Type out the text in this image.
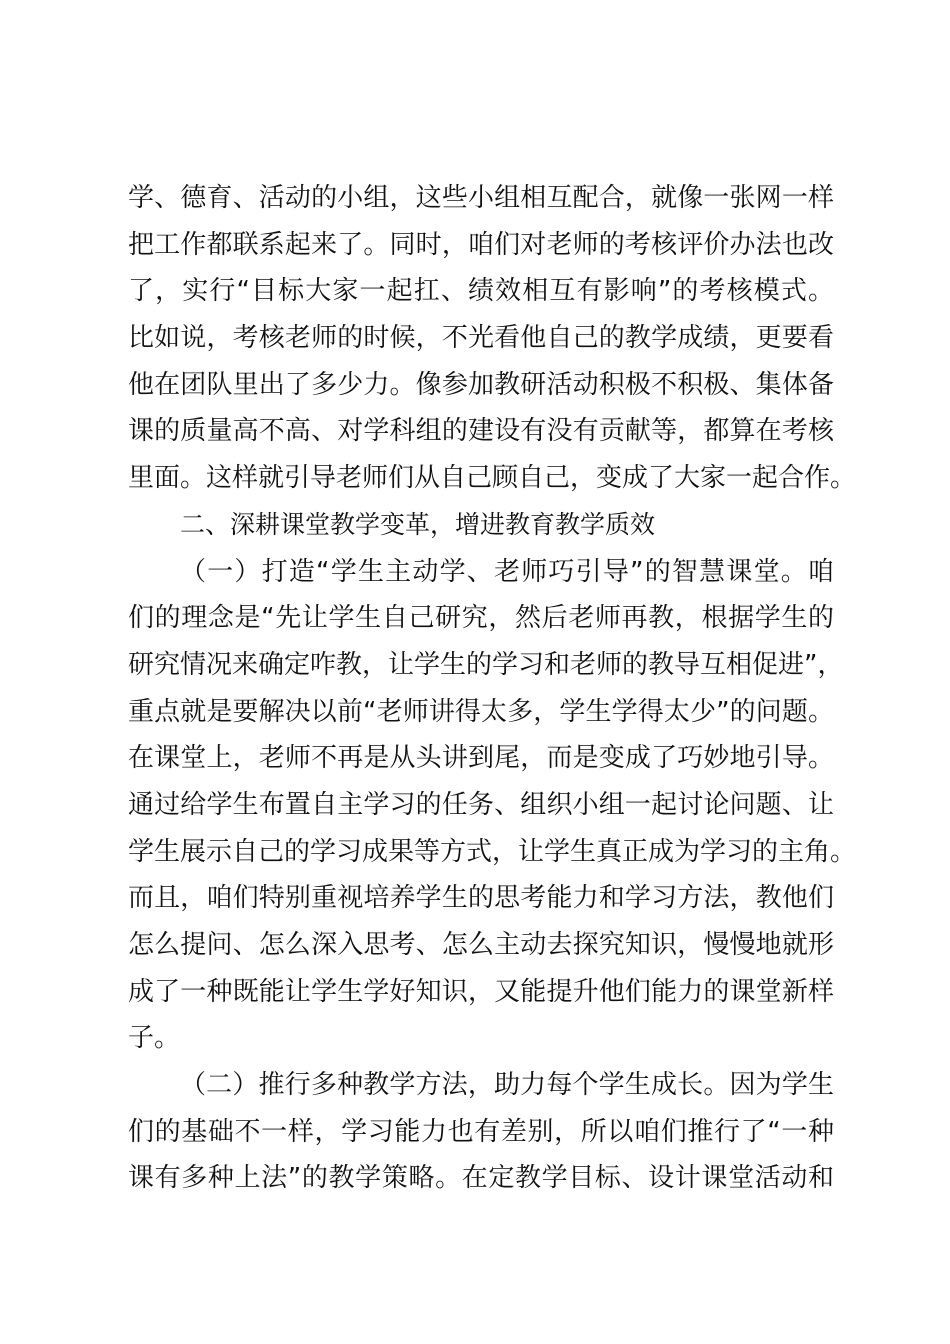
学、德育、活动的小组，这些小组相互配合，就像一张网一样

把工作都联系起来了。同时，咱们对老师的考核评价办法也改

了，实行“目标大家一起扛、绩效相互有影响”的考核模式。

比如说，考核老师的时候，不光看他自己的教学成绩，更要看

他在团队里出了多少力。像参加教研活动积极不积极、集体备

课的质量高不高、对学科组的建设有没有贡献等，都算在考核

里面。这样就引导老师们从自己顾自己，变成了大家一起合作。

二、深耕课堂教学变革，增进教育教学质效

（一）打造“学生主动学、老师巧引导”的智慧课堂。咱

们的理念是“先让学生自己研究，然后老师再教，根据学生的

研究情况来确定咋教，让学生的学习和老师的教导互相促进”，

重点就是要解决以前“老师讲得太多，学生学得太少”的问题。

在课堂上，老师不再是从头讲到尾，而是变成了巧妙地引导。

通过给学生布置自主学习的任务、组织小组一起讨论问题、让

学生展示自己的学习成果等方式，让学生真正成为学习的主角。

而且，咱们特别重视培养学生的思考能力和学习方法，教他们

怎么提问、怎么深入思考、怎么主动去探究知识，慢慢地就形

成了一种既能让学生学好知识，又能提升他们能力的课堂新样

子。

（二）推行多种教学方法，助力每个学生成长。因为学生

们的基础不一样，学习能力也有差别，所以咱们推行了“一种

课有多种上法”的教学策略。在定教学目标、设计课堂活动和
